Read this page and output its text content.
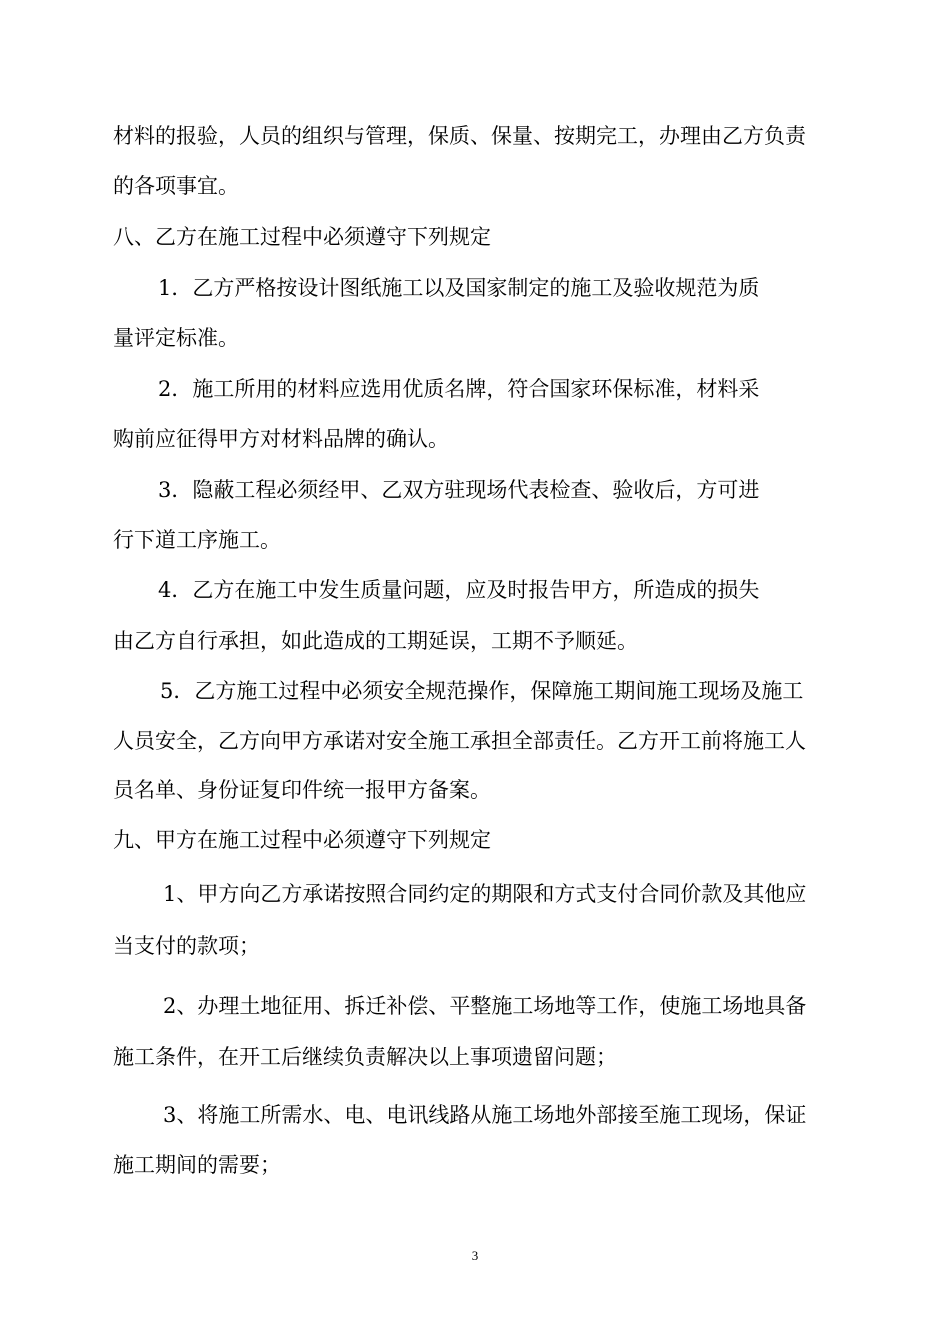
材料的报验，人员的组织与管理，保质、保量、按期完工，办理由乙方负责

的各项事宜。

八、乙方在施工过程中必须遵守下列规定

1．乙方严格按设计图纸施工以及国家制定的施工及验收规范为质

量评定标准。

2．施工所用的材料应选用优质名牌，符合国家环保标准，材料采

购前应征得甲方对材料品牌的确认。

3．隐蔽工程必须经甲、乙双方驻现场代表检查、验收后，方可进

行下道工序施工。

4．乙方在施工中发生质量问题，应及时报告甲方，所造成的损失

由乙方自行承担，如此造成的工期延误，工期不予顺延。

5．乙方施工过程中必须安全规范操作，保障施工期间施工现场及施工

人员安全，乙方向甲方承诺对安全施工承担全部责任。乙方开工前将施工人

员名单、身份证复印件统一报甲方备案。

九、甲方在施工过程中必须遵守下列规定

1、甲方向乙方承诺按照合同约定的期限和方式支付合同价款及其他应

当支付的款项；

2、办理土地征用、拆迁补偿、平整施工场地等工作，使施工场地具备

施工条件，在开工后继续负责解决以上事项遗留问题；

3、将施工所需水、电、电讯线路从施工场地外部接至施工现场，保证

施工期间的需要；

3
